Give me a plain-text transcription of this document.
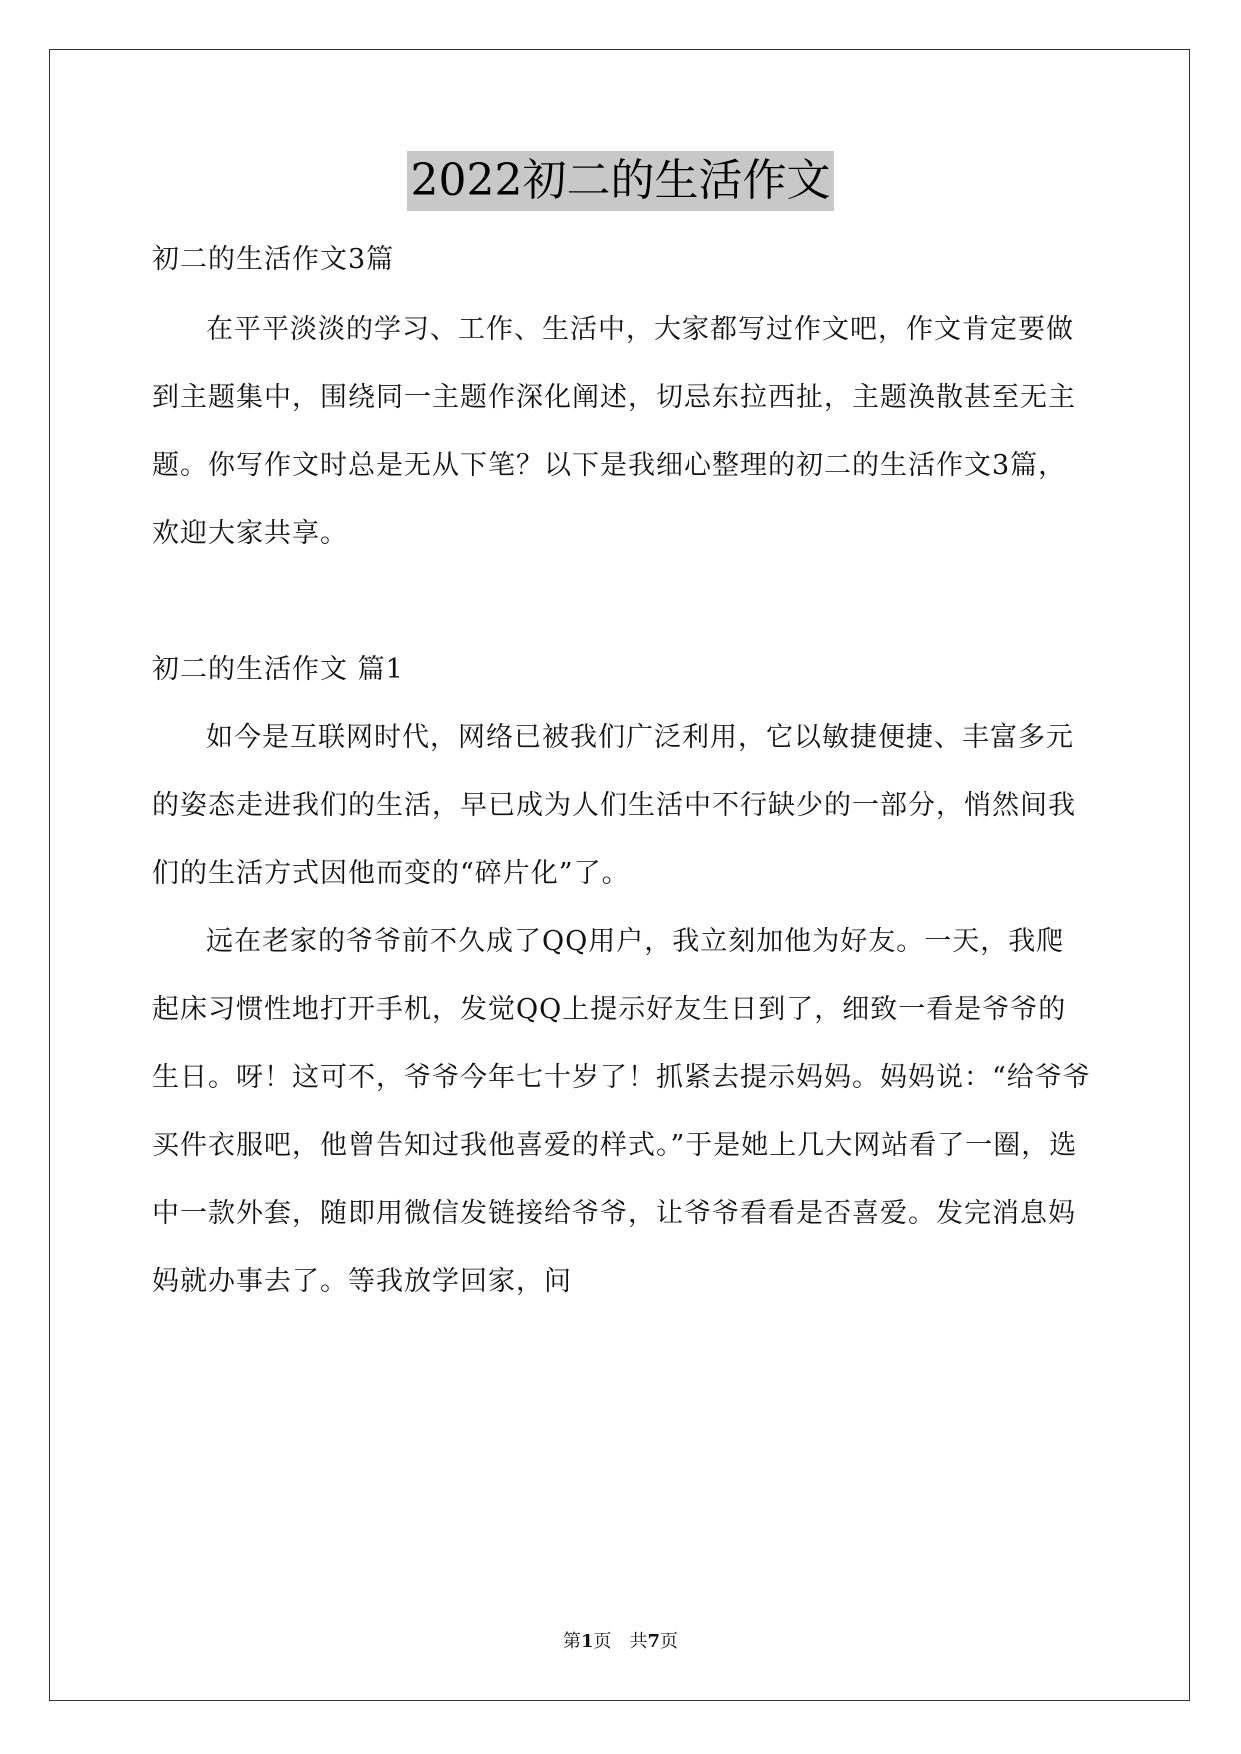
2022初二的生活作文

初二的生活作文3篇

在平平淡淡的学习、工作、生活中，大家都写过作文吧，作文肯定要做到主题集中，围绕同一主题作深化阐述，切忌东拉西扯，主题涣散甚至无主题。你写作文时总是无从下笔？以下是我细心整理的初二的生活作文3篇，欢迎大家共享。

初二的生活作文 篇1

如今是互联网时代，网络已被我们广泛利用，它以敏捷便捷、丰富多元的姿态走进我们的生活，早已成为人们生活中不行缺少的一部分，悄然间我们的生活方式因他而变的“碎片化”了。

远在老家的爷爷前不久成了QQ用户，我立刻加他为好友。一天，我爬起床习惯性地打开手机，发觉QQ上提示好友生日到了，细致一看是爷爷的生日。呀！这可不，爷爷今年七十岁了！抓紧去提示妈妈。妈妈说：“给爷爷买件衣服吧，他曾告知过我他喜爱的样式。”于是她上几大网站看了一圈，选中一款外套，随即用微信发链接给爷爷，让爷爷看看是否喜爱。发完消息妈妈就办事去了。等我放学回家，问

第1页　共7页
